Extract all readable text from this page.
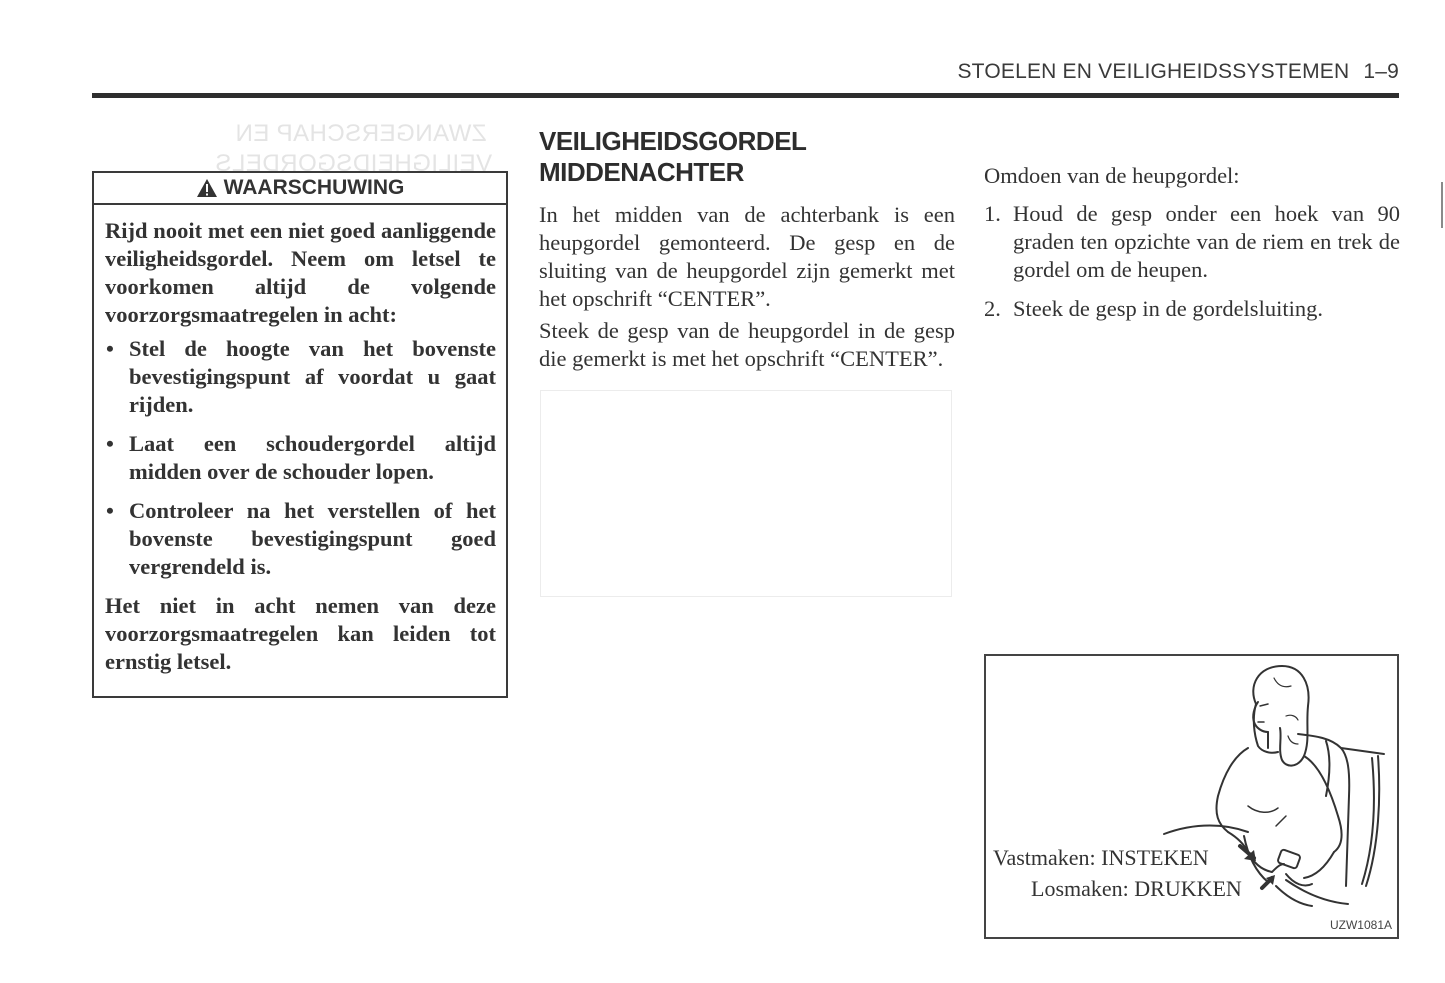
ZWANGERSCHAP EN
VEILIGHEIDSGORDELS
STOELEN EN VEILIGHEIDSSYSTEMEN 1–9
WAARSCHUWING

Rijd nooit met een niet goed aanliggende veiligheidsgordel. Neem om letsel te voorkomen altijd de volgende voorzorgsmaatregelen in acht:

• Stel de hoogte van het bovenste bevestigingspunt af voordat u gaat rijden.
• Laat een schoudergordel altijd midden over de schouder lopen.
• Controleer na het verstellen of het bovenste bevestigingspunt goed vergrendeld is.

Het niet in acht nemen van deze voorzorgsmaatregelen kan leiden tot ernstig letsel.

VEILIGHEIDSGORDEL
MIDDENACHTER

In het midden van de achterbank is een heupgordel gemonteerd. De gesp en de sluiting van de heupgordel zijn gemerkt met het opschrift “CENTER”.

Steek de gesp van de heupgordel in de gesp die gemerkt is met het opschrift “CENTER”.

Omdoen van de heupgordel:

1. Houd de gesp onder een hoek van 90 graden ten opzichte van de riem en trek de gordel om de heupen.
2. Steek de gesp in de gordelsluiting.
Vastmaken: INSTEKEN
Losmaken: DRUKKEN
UZW1081A
